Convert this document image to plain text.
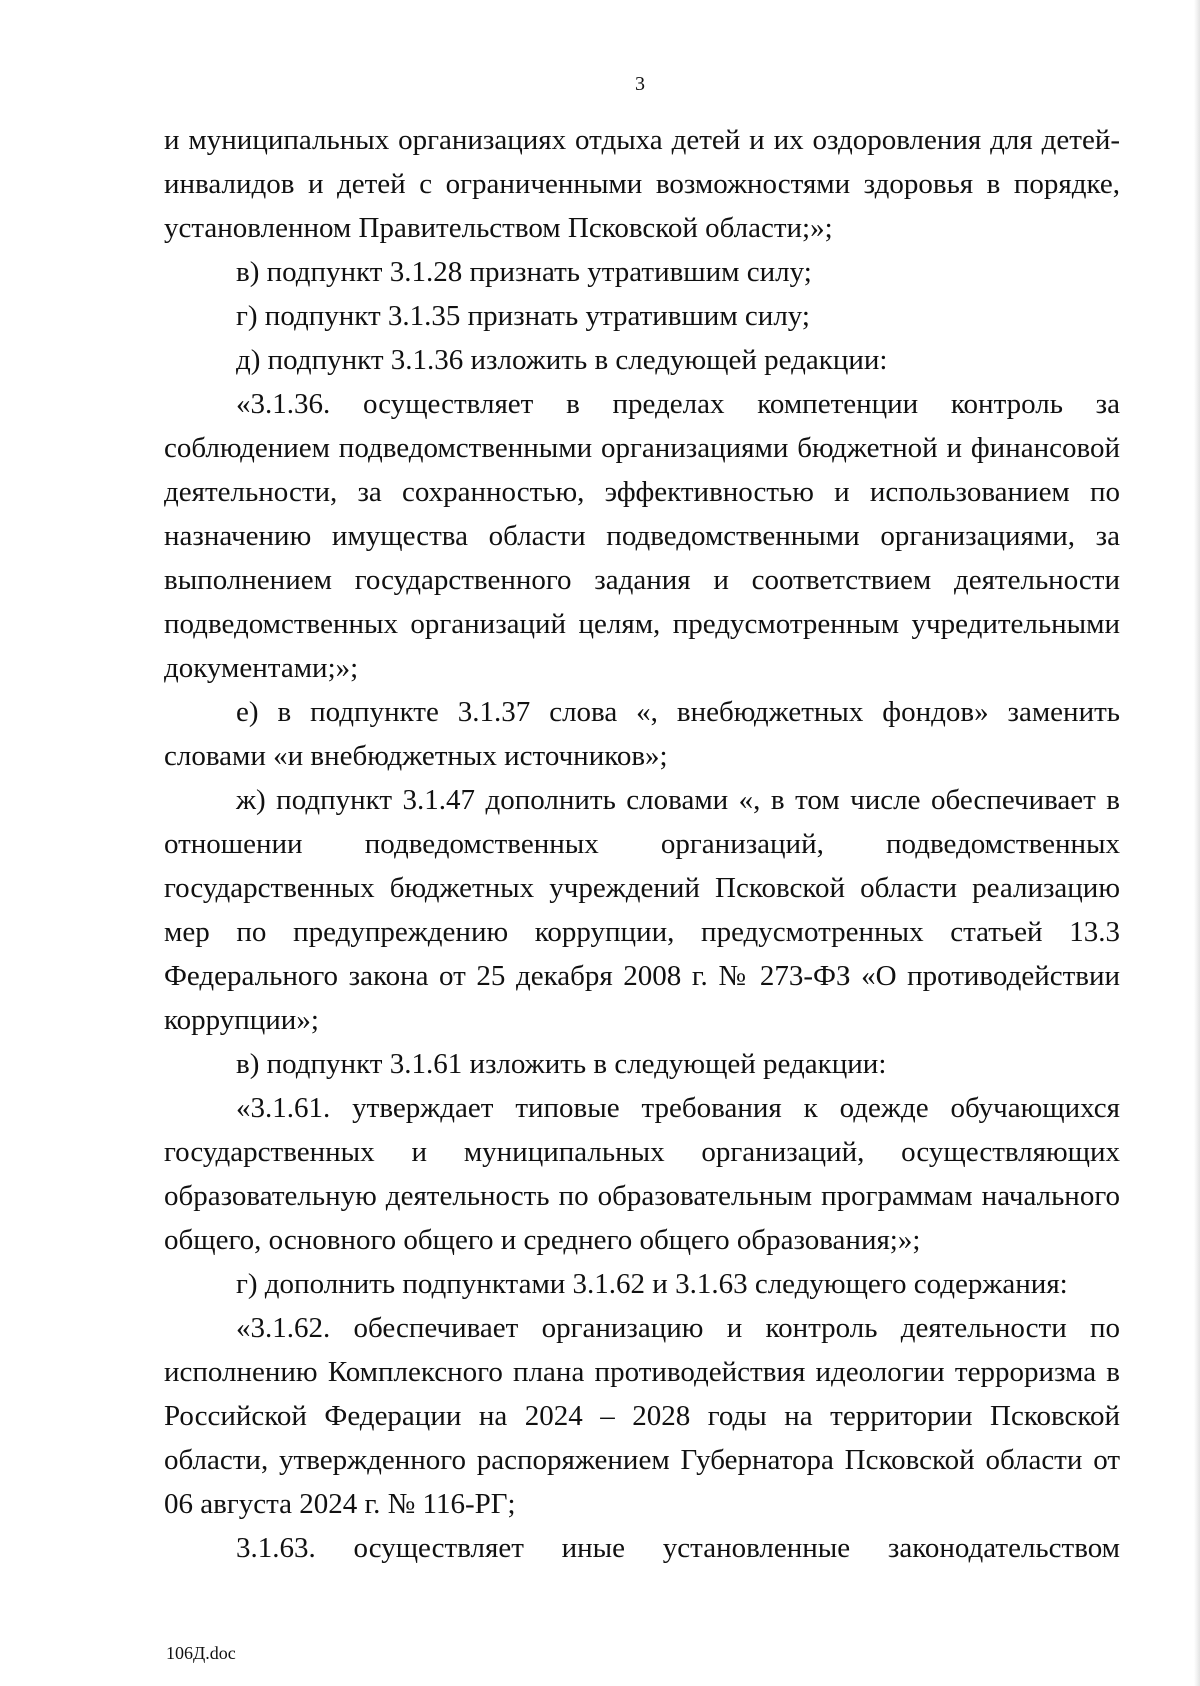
3

и муниципальных организациях отдыха детей и их оздоровления для детей-инвалидов и детей с ограниченными возможностями здоровья в порядке, установленном Правительством Псковской области;»;

в) подпункт 3.1.28 признать утратившим силу;

г) подпункт 3.1.35 признать утратившим силу;

д) подпункт 3.1.36 изложить в следующей редакции:

«3.1.36. осуществляет в пределах компетенции контроль за соблюдением подведомственными организациями бюджетной и финансовой деятельности, за сохранностью, эффективностью и использованием по назначению имущества области подведомственными организациями, за выполнением государственного задания и соответствием деятельности подведомственных организаций целям, предусмотренным учредительными документами;»;

е) в подпункте 3.1.37 слова «, внебюджетных фондов» заменить словами «и внебюджетных источников»;

ж) подпункт 3.1.47 дополнить словами «, в том числе обеспечивает в отношении подведомственных организаций, подведомственных государственных бюджетных учреждений Псковской области реализацию мер по предупреждению коррупции, предусмотренных статьей 13.3 Федерального закона от 25 декабря 2008 г. № 273-ФЗ «О противодействии коррупции»;

в) подпункт 3.1.61 изложить в следующей редакции:

«3.1.61. утверждает типовые требования к одежде обучающихся государственных и муниципальных организаций, осуществляющих образовательную деятельность по образовательным программам начального общего, основного общего и среднего общего образования;»;

г) дополнить подпунктами 3.1.62 и 3.1.63 следующего содержания:

«3.1.62. обеспечивает организацию и контроль деятельности по исполнению Комплексного плана противодействия идеологии терроризма в Российской Федерации на 2024 – 2028 годы на территории Псковской области, утвержденного распоряжением Губернатора Псковской области от 06 августа 2024 г. № 116-РГ;

3.1.63. осуществляет иные установленные законодательством

106Д.doc
